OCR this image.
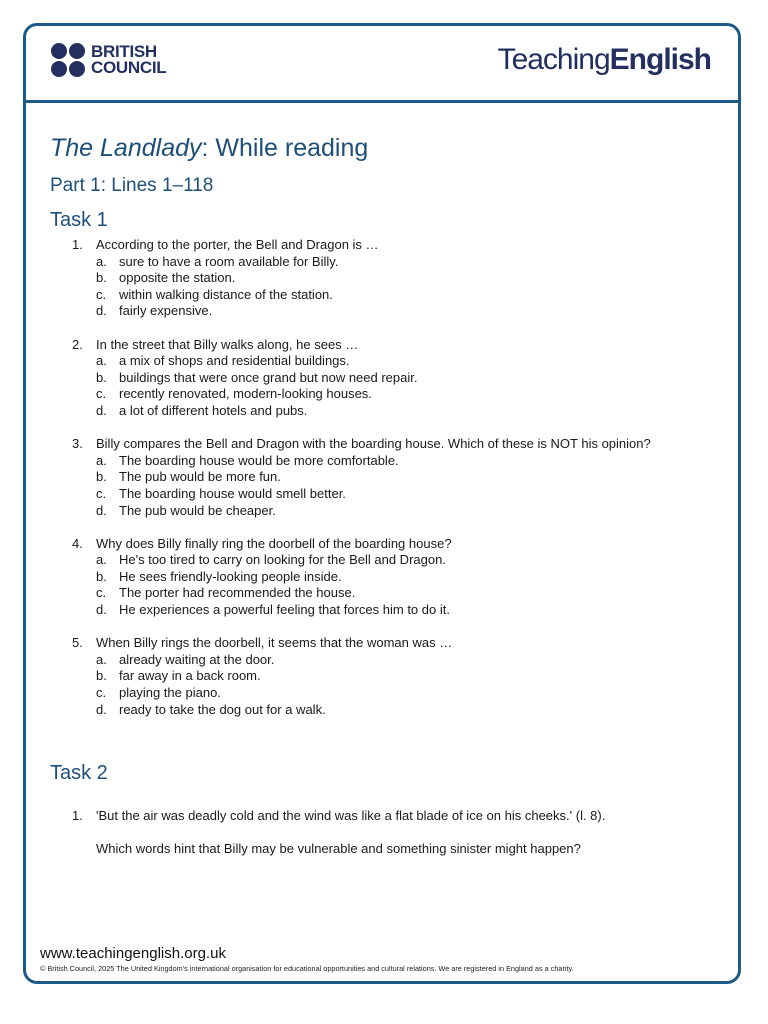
BRITISH
COUNCIL	TeachingEnglish
The Landlady: While reading
Part 1: Lines 1–118
Task 1
1. According to the porter, the Bell and Dragon is …
a. sure to have a room available for Billy.
b. opposite the station.
c. within walking distance of the station.
d. fairly expensive.
2. In the street that Billy walks along, he sees …
a. a mix of shops and residential buildings.
b. buildings that were once grand but now need repair.
c. recently renovated, modern-looking houses.
d. a lot of different hotels and pubs.
3. Billy compares the Bell and Dragon with the boarding house. Which of these is NOT his opinion?
a. The boarding house would be more comfortable.
b. The pub would be more fun.
c. The boarding house would smell better.
d. The pub would be cheaper.
4. Why does Billy finally ring the doorbell of the boarding house?
a. He's too tired to carry on looking for the Bell and Dragon.
b. He sees friendly-looking people inside.
c. The porter had recommended the house.
d. He experiences a powerful feeling that forces him to do it.
5. When Billy rings the doorbell, it seems that the woman was …
a. already waiting at the door.
b. far away in a back room.
c. playing the piano.
d. ready to take the dog out for a walk.
Task 2
1. 'But the air was deadly cold and the wind was like a flat blade of ice on his cheeks.' (l. 8).
Which words hint that Billy may be vulnerable and something sinister might happen?
www.teachingenglish.org.uk
© British Council, 2025 The United Kingdom's international organisation for educational opportunities and cultural relations. We are registered in England as a charity.
